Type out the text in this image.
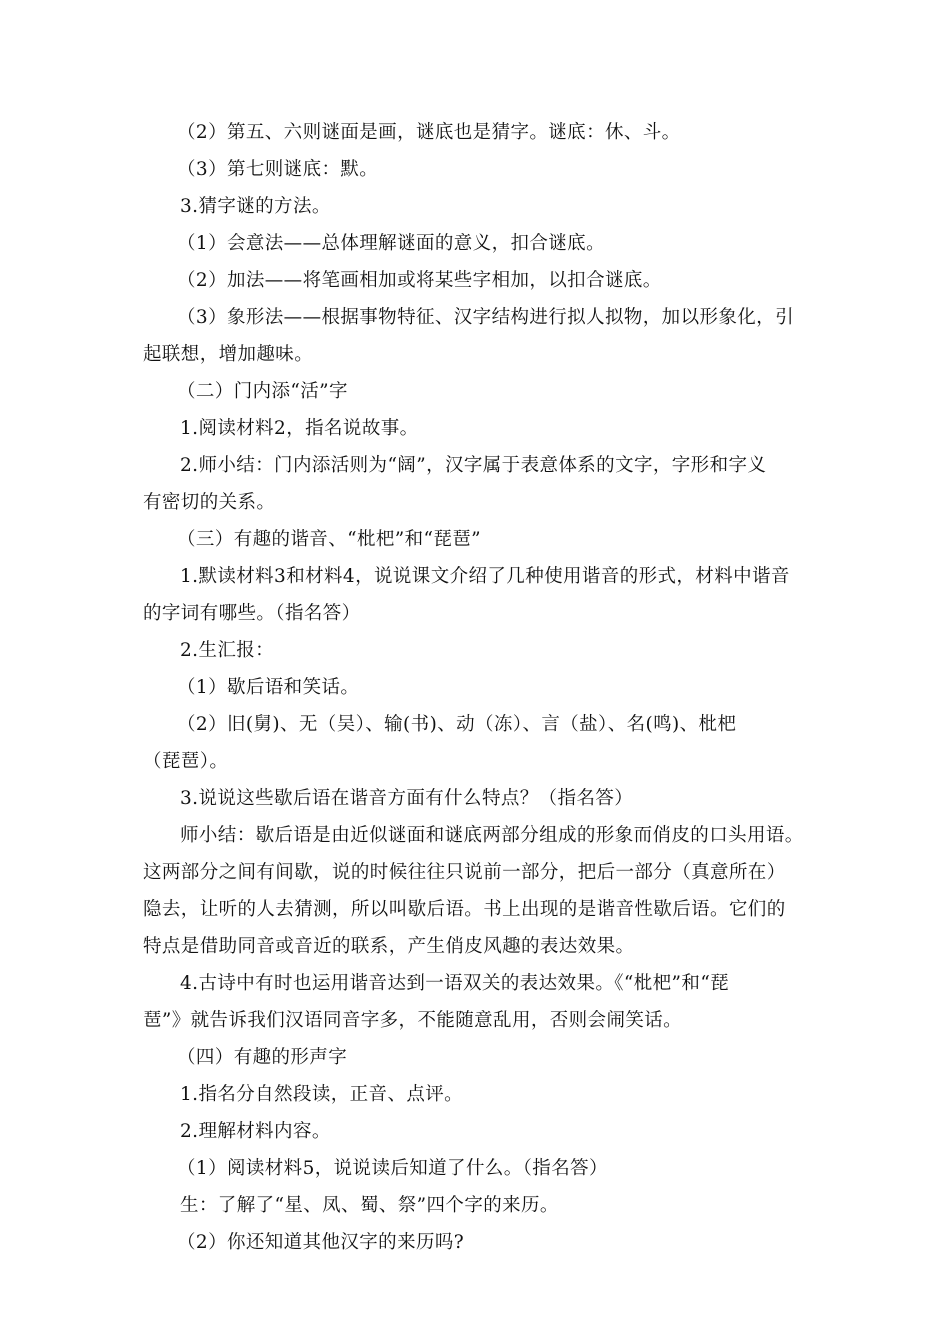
（2）第五、六则谜面是画，谜底也是猜字。谜底：休、斗。

（3）第七则谜底：默。

3.猜字谜的方法。

（1）会意法——总体理解谜面的意义，扣合谜底。

（2）加法——将笔画相加或将某些字相加，以扣合谜底。

（3）象形法——根据事物特征、汉字结构进行拟人拟物，加以形象化，引

起联想，增加趣味。

（二）门内添“活”字

1.阅读材料2，指名说故事。

2.师小结：门内添活则为“阔”，汉字属于表意体系的文字，字形和字义

有密切的关系。

（三）有趣的谐音、“枇杷”和“琵琶”

1.默读材料3和材料4，说说课文介绍了几种使用谐音的形式，材料中谐音

的字词有哪些。（指名答）

2.生汇报：

（1）歇后语和笑话。

（2）旧(舅)、无（吴）、输(书)、动（冻）、言（盐）、名(鸣)、枇杷

（琵琶）。

3.说说这些歇后语在谐音方面有什么特点？（指名答）

师小结：歇后语是由近似谜面和谜底两部分组成的形象而俏皮的口头用语。

这两部分之间有间歇，说的时候往往只说前一部分，把后一部分（真意所在）

隐去，让听的人去猜测，所以叫歇后语。书上出现的是谐音性歇后语。它们的

特点是借助同音或音近的联系，产生俏皮风趣的表达效果。

4.古诗中有时也运用谐音达到一语双关的表达效果。《“枇杷”和“琵

琶”》就告诉我们汉语同音字多，不能随意乱用，否则会闹笑话。

（四）有趣的形声字

1.指名分自然段读，正音、点评。

2.理解材料内容。

（1）阅读材料5，说说读后知道了什么。（指名答）

生：了解了“星、凤、蜀、祭”四个字的来历。

（2）你还知道其他汉字的来历吗?
